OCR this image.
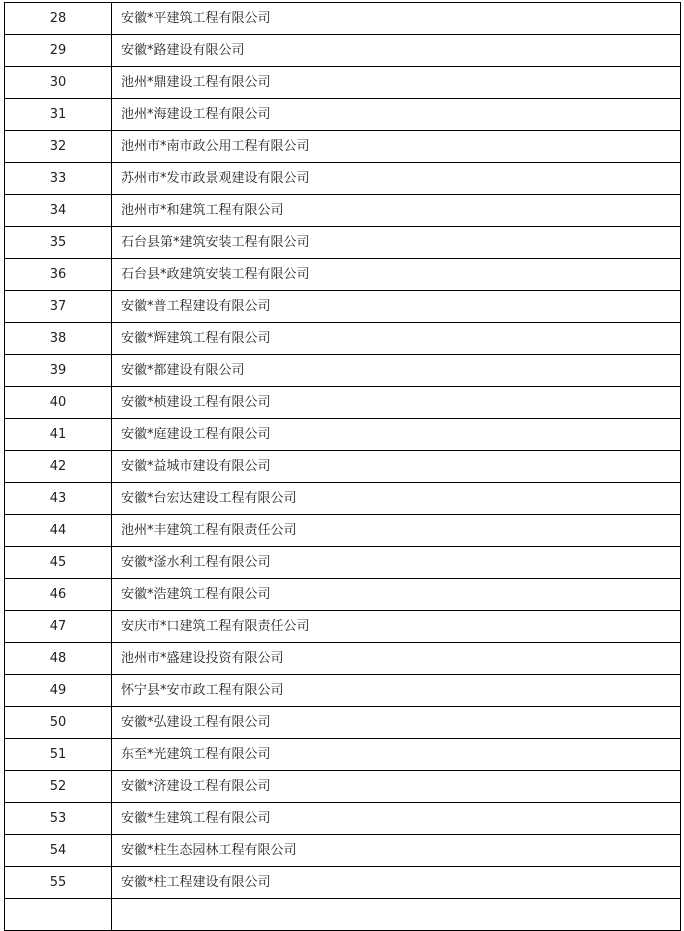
28	安徽*平建筑工程有限公司
29	安徽*路建设有限公司
30	池州*鼎建设工程有限公司
31	池州*海建设工程有限公司
32	池州市*南市政公用工程有限公司
33	苏州市*发市政景观建设有限公司
34	池州市*和建筑工程有限公司
35	石台县第*建筑安装工程有限公司
36	石台县*政建筑安装工程有限公司
37	安徽*普工程建设有限公司
38	安徽*辉建筑工程有限公司
39	安徽*都建设有限公司
40	安徽*桢建设工程有限公司
41	安徽*庭建设工程有限公司
42	安徽*益城市建设有限公司
43	安徽*台宏达建设工程有限公司
44	池州*丰建筑工程有限责任公司
45	安徽*滏水利工程有限公司
46	安徽*浩建筑工程有限公司
47	安庆市*口建筑工程有限责任公司
48	池州市*盛建设投资有限公司
49	怀宁县*安市政工程有限公司
50	安徽*弘建设工程有限公司
51	东至*光建筑工程有限公司
52	安徽*济建设工程有限公司
53	安徽*生建筑工程有限公司
54	安徽*柱生态园林工程有限公司
55	安徽*柱工程建设有限公司
